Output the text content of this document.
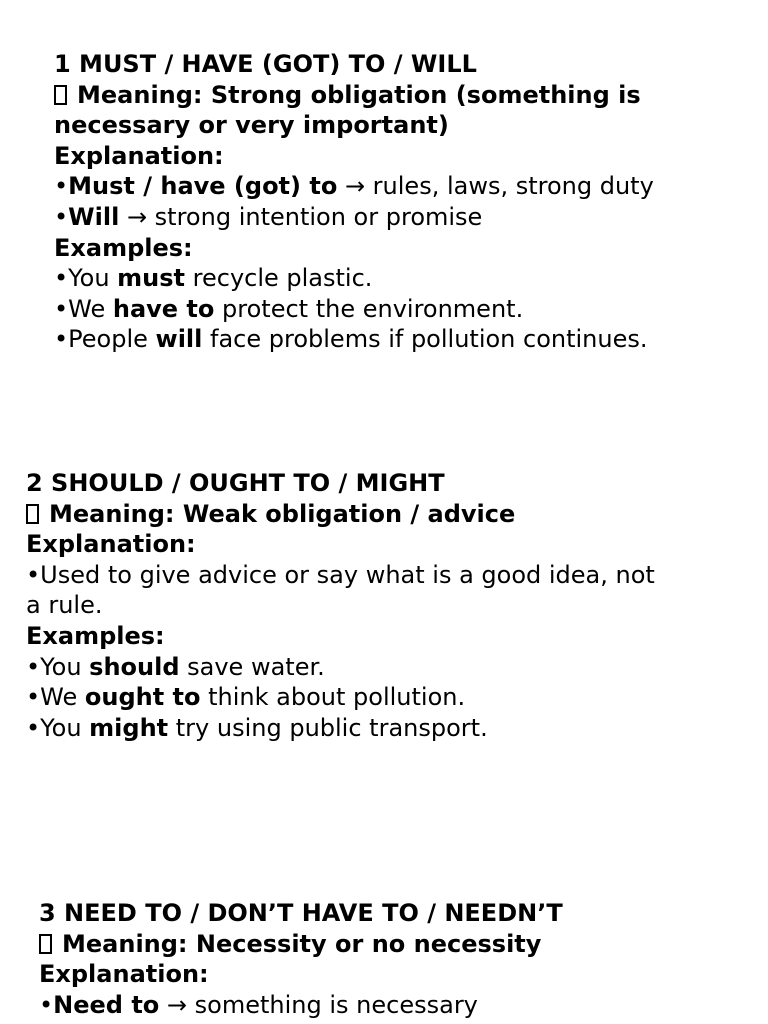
1 MUST / HAVE (GOT) TO / WILL
Meaning: Strong obligation (something is
necessary or very important)
Explanation:
•Must / have (got) to → rules, laws, strong duty
•Will → strong intention or promise
Examples:
•You must recycle plastic.
•We have to protect the environment.
•People will face problems if pollution continues.
2 SHOULD / OUGHT TO / MIGHT
Meaning: Weak obligation / advice
Explanation:
•Used to give advice or say what is a good idea, not
a rule.
Examples:
•You should save water.
•We ought to think about pollution.
•You might try using public transport.
3 NEED TO / DON’T HAVE TO / NEEDN’T
Meaning: Necessity or no necessity
Explanation:
•Need to → something is necessary
